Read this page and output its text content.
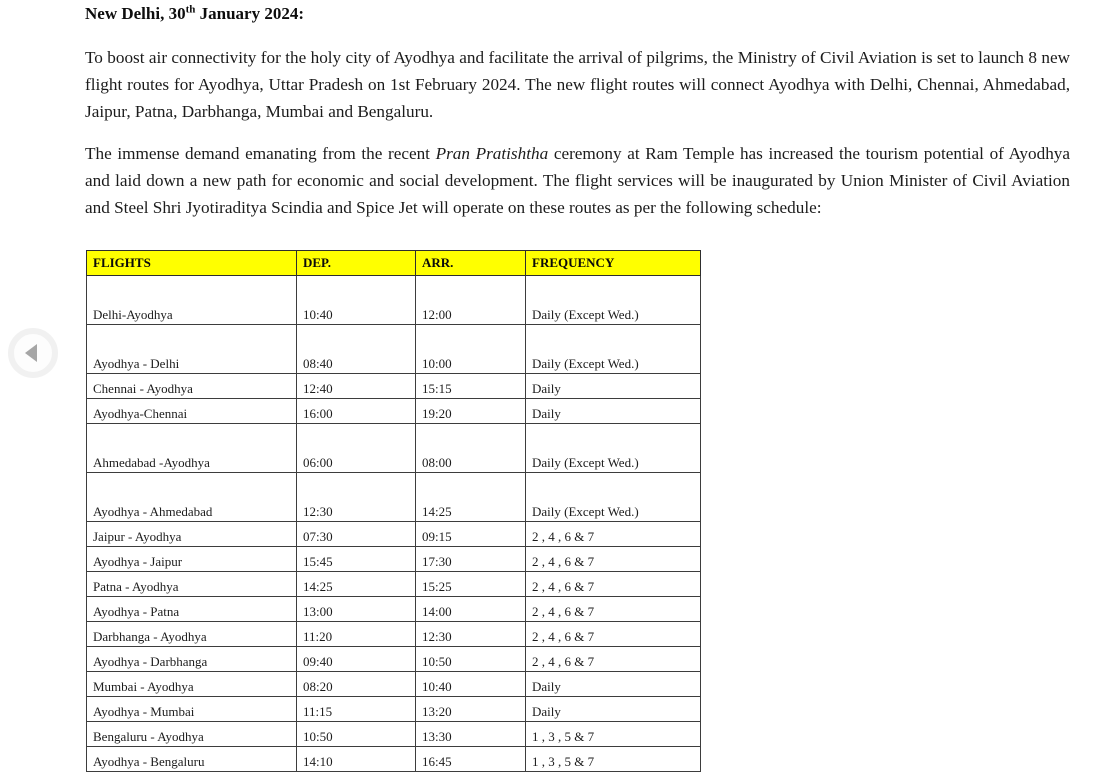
New Delhi, 30th January 2024:

To boost air connectivity for the holy city of Ayodhya and facilitate the arrival of pilgrims, the Ministry of Civil Aviation is set to launch 8 new flight routes for Ayodhya, Uttar Pradesh on 1st February 2024. The new flight routes will connect Ayodhya with Delhi, Chennai, Ahmedabad, Jaipur, Patna, Darbhanga, Mumbai and Bengaluru.

The immense demand emanating from the recent Pran Pratishtha ceremony at Ram Temple has increased the tourism potential of Ayodhya and laid down a new path for economic and social development. The flight services will be inaugurated by Union Minister of Civil Aviation and Steel Shri Jyotiraditya Scindia and Spice Jet will operate on these routes as per the following schedule:

FLIGHTS	DEP.	ARR.	FREQUENCY
Delhi-Ayodhya	10:40	12:00	Daily (Except Wed.)
Ayodhya - Delhi	08:40	10:00	Daily (Except Wed.)
Chennai - Ayodhya	12:40	15:15	Daily
Ayodhya-Chennai	16:00	19:20	Daily
Ahmedabad -Ayodhya	06:00	08:00	Daily (Except Wed.)
Ayodhya - Ahmedabad	12:30	14:25	Daily (Except Wed.)
Jaipur - Ayodhya	07:30	09:15	2 , 4 , 6 & 7
Ayodhya - Jaipur	15:45	17:30	2 , 4 , 6 & 7
Patna - Ayodhya	14:25	15:25	2 , 4 , 6 & 7
Ayodhya - Patna	13:00	14:00	2 , 4 , 6 & 7
Darbhanga - Ayodhya	11:20	12:30	2 , 4 , 6 & 7
Ayodhya - Darbhanga	09:40	10:50	2 , 4 , 6 & 7
Mumbai - Ayodhya	08:20	10:40	Daily
Ayodhya - Mumbai	11:15	13:20	Daily
Bengaluru - Ayodhya	10:50	13:30	1 , 3 , 5 & 7
Ayodhya - Bengaluru	14:10	16:45	1 , 3 , 5 & 7
